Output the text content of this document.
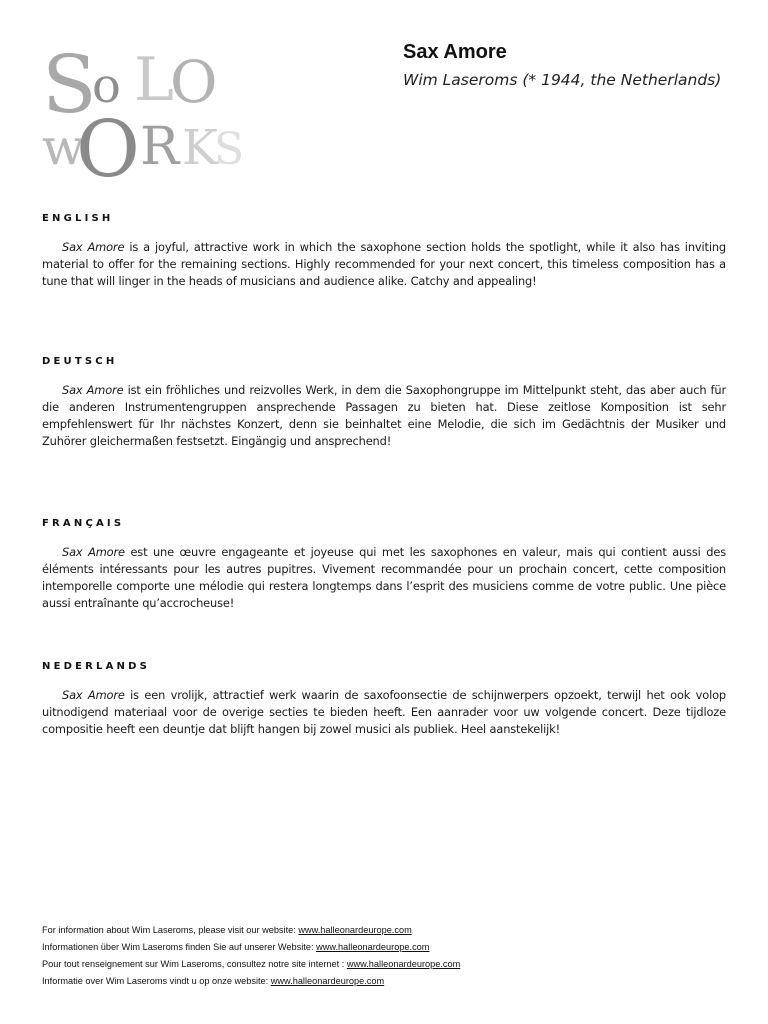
S
o L
O
w
O R K
S
Sax Amore
Wim Laseroms (* 1944, the Netherlands)
ENGLISH

Sax Amore is a joyful, attractive work in which the saxophone section holds the spotlight, while it also has inviting material to offer for the remaining sections. Highly recommended for your next concert, this timeless composition has a tune that will linger in the heads of musicians and audience alike. Catchy and appealing!

DEUTSCH

Sax Amore ist ein fröhliches und reizvolles Werk, in dem die Saxophongruppe im Mittelpunkt steht, das aber auch für die anderen Instrumentengruppen ansprechende Passagen zu bieten hat. Diese zeitlose Komposition ist sehr empfehlenswert für Ihr nächstes Konzert, denn sie beinhaltet eine Melodie, die sich im Gedächtnis der Musiker und Zuhörer gleichermaßen festsetzt. Eingängig und ansprechend!

FRANÇAIS

Sax Amore est une œuvre engageante et joyeuse qui met les saxophones en valeur, mais qui contient aussi des éléments intéressants pour les autres pupitres. Vivement recommandée pour un prochain concert, cette composition intemporelle comporte une mélodie qui restera longtemps dans l’esprit des musiciens comme de votre public. Une pièce aussi entraînante qu’accrocheuse!

NEDERLANDS

Sax Amore is een vrolijk, attractief werk waarin de saxofoonsectie de schijnwerpers opzoekt, terwijl het ook volop uitnodigend materiaal voor de overige secties te bieden heeft. Een aanrader voor uw volgende concert. Deze tijdloze compositie heeft een deuntje dat blijft hangen bij zowel musici als publiek. Heel aanstekelijk!

For information about Wim Laseroms, please visit our website: www.halleonardeurope.com

Informationen über Wim Laseroms finden Sie auf unserer Website: www.halleonardeurope.com

Pour tout renseignement sur Wim Laseroms, consultez notre site internet : www.halleonardeurope.com

Informatie over Wim Laseroms vindt u op onze website: www.halleonardeurope.com
